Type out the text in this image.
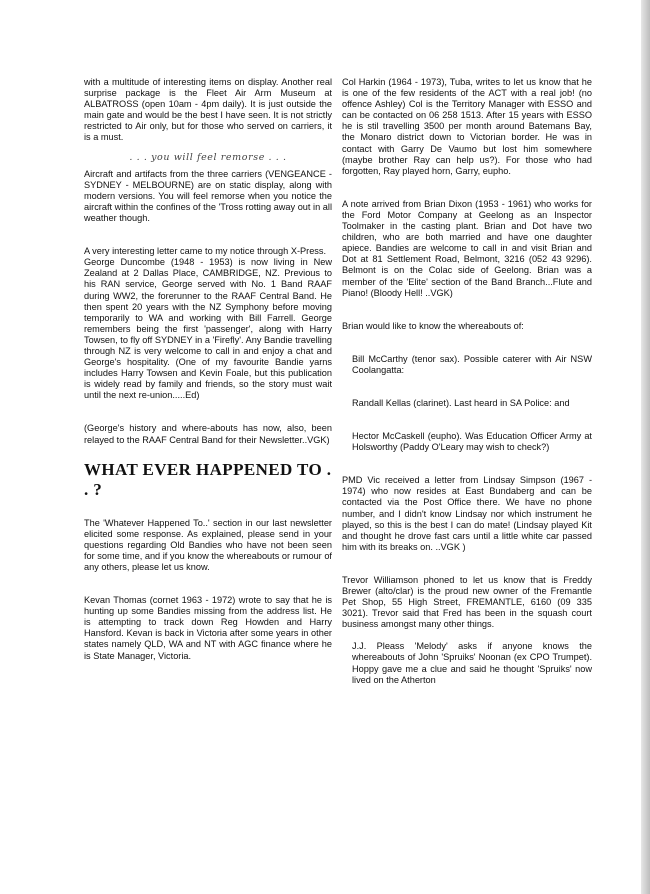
with a multitude of interesting items on display. Another real surprise package is the Fleet Air Arm Museum at ALBATROSS (open 10am - 4pm daily). It is just outside the main gate and would be the best I have seen. It is not strictly restricted to Air only, but for those who served on carriers, it is a must.

. . . you will feel remorse . . .

Aircraft and artifacts from the three carriers (VENGEANCE - SYDNEY - MELBOURNE) are on static display, along with modern versions. You will feel remorse when you notice the aircraft within the confines of the 'Tross rotting away out in all weather though.

A very interesting letter came to my notice through X-Press.

George Duncombe (1948 - 1953) is now living in New Zealand at 2 Dallas Place, CAMBRIDGE, NZ. Previous to his RAN service, George served with No. 1 Band RAAF during WW2, the forerunner to the RAAF Central Band. He then spent 20 years with the NZ Symphony before moving temporarily to WA and working with Bill Farrell. George remembers being the first 'passenger', along with Harry Towsen, to fly off SYDNEY in a 'Firefly'. Any Bandie travelling through NZ is very welcome to call in and enjoy a chat and George's hospitality. (One of my favourite Bandie yarns includes Harry Towsen and Kevin Foale, but this publication is widely read by family and friends, so the story must wait until the next re-union.....Ed)

(George's history and where-abouts has now, also, been relayed to the RAAF Central Band for their Newsletter..VGK)

WHAT EVER HAPPENED TO . . ?

The 'Whatever Happened To..' section in our last newsletter elicited some response. As explained, please send in your questions regarding Old Bandies who have not been seen for some time, and if you know the whereabouts or rumour of any others, please let us know.

Kevan Thomas (cornet 1963 - 1972) wrote to say that he is hunting up some Bandies missing from the address list. He is attempting to track down Reg Howden and Harry Hansford. Kevan is back in Victoria after some years in other states namely QLD, WA and NT with AGC finance where he is State Manager, Victoria.

Col Harkin (1964 - 1973), Tuba, writes to let us know that he is one of the few residents of the ACT with a real job! (no offence Ashley) Col is the Territory Manager with ESSO and can be contacted on 06 258 1513. After 15 years with ESSO he is stil travelling 3500 per month around Batemans Bay, the Monaro district down to Victorian border. He was in contact with Garry De Vaumo but lost him somewhere (maybe brother Ray can help us?). For those who had forgotten, Ray played horn, Garry, eupho.

A note arrived from Brian Dixon (1953 - 1961) who works for the Ford Motor Company at Geelong as an Inspector Toolmaker in the casting plant. Brian and Dot have two children, who are both married and have one daughter apiece. Bandies are welcome to call in and visit Brian and Dot at 81 Settlement Road, Belmont, 3216 (052 43 9296). Belmont is on the Colac side of Geelong. Brian was a member of the 'Elite' section of the Band Branch...Flute and Piano! (Bloody Hell! ..VGK)

Brian would like to know the whereabouts of:

Bill McCarthy (tenor sax). Possible caterer with Air NSW Coolangatta:

Randall Kellas (clarinet). Last heard in SA Police: and

Hector McCaskell (eupho). Was Education Officer Army at Holsworthy (Paddy O'Leary may wish to check?)

PMD Vic received a letter from Lindsay Simpson (1967 - 1974) who now resides at East Bundaberg and can be contacted via the Post Office there. We have no phone number, and I didn't know Lindsay nor which instrument he played, so this is the best I can do mate! (Lindsay played Kit and thought he drove fast cars until a little white car passed him with its breaks on. ..VGK )

Trevor Williamson phoned to let us know that is Freddy Brewer (alto/clar) is the proud new owner of the Fremantle Pet Shop, 55 High Street, FREMANTLE, 6160 (09 335 3021). Trevor said that Fred has been in the squash court business amongst many other things.

J.J. Pleass 'Melody' asks if anyone knows the whereabouts of John 'Spruiks' Noonan (ex CPO Trumpet). Hoppy gave me a clue and said he thought 'Spruiks' now lived on the Atherton
